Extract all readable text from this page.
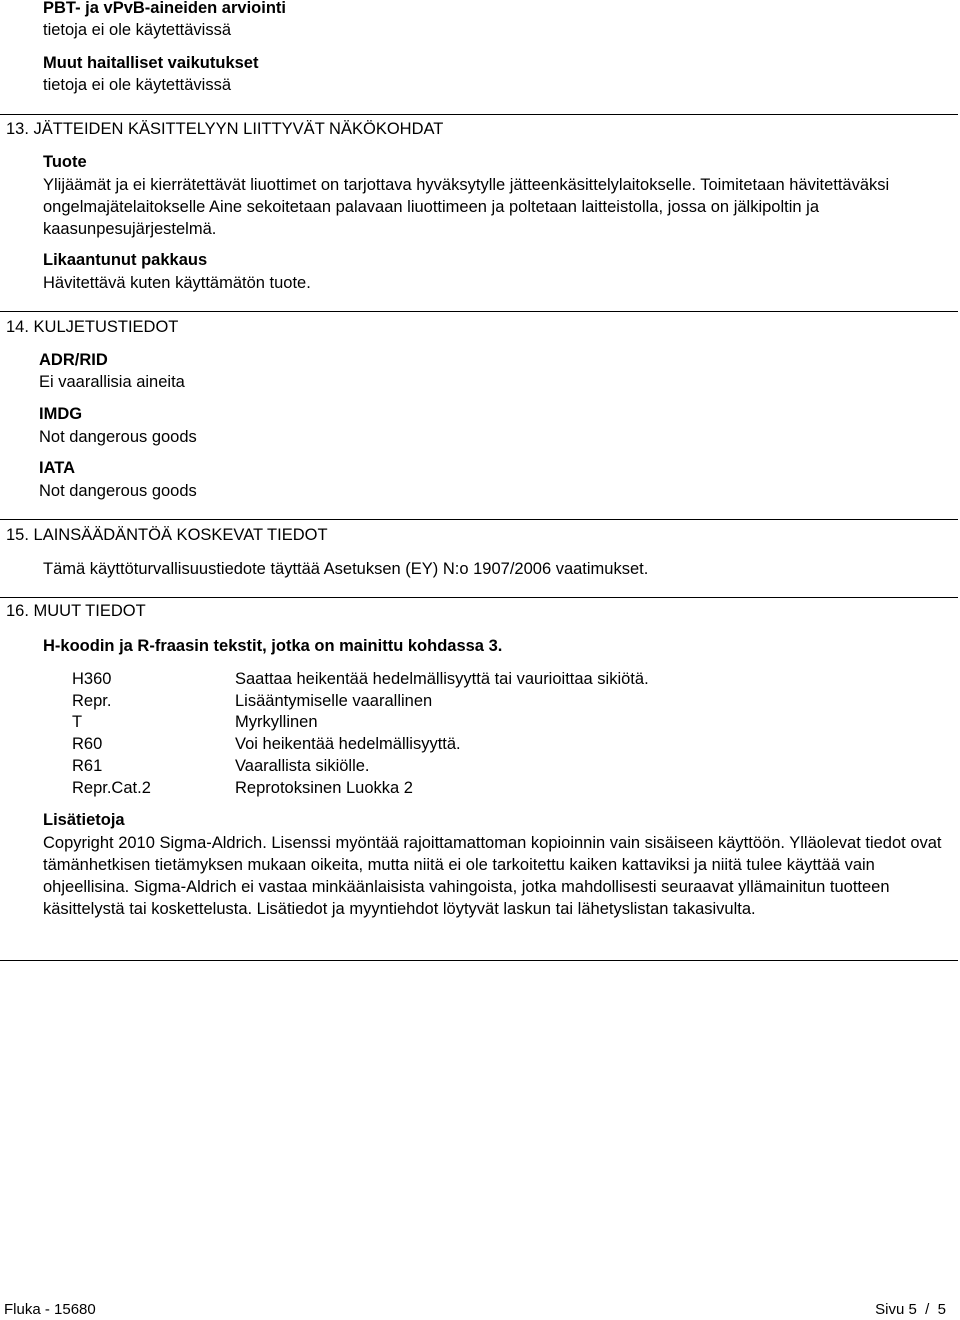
PBT- ja vPvB-aineiden arviointi
tietoja ei ole käytettävissä
Muut haitalliset vaikutukset
tietoja ei ole käytettävissä
13. JÄTTEIDEN KÄSITTELYYN LIITTYVÄT NÄKÖKOHDAT
Tuote
Ylijäämät ja ei kierrätettävät liuottimet on tarjottava hyväksytylle jätteenkäsittelylaitokselle. Toimitetaan hävitettäväksi ongelmajätelaitokselle Aine sekoitetaan palavaan liuottimeen ja poltetaan laitteistolla, jossa on jälkipoltin ja kaasunpesujärjestelmä.
Likaantunut pakkaus
Hävitettävä kuten käyttämätön tuote.
14. KULJETUSTIEDOT
ADR/RID
Ei vaarallisia aineita
IMDG
Not dangerous goods
IATA
Not dangerous goods
15. LAINSÄÄDÄNTÖÄ KOSKEVAT TIEDOT
Tämä käyttöturvallisuustiedote täyttää Asetuksen (EY) N:o 1907/2006 vaatimukset.
16. MUUT TIEDOT
H-koodin ja R-fraasin tekstit, jotka on mainittu kohdassa 3.
H360	Saattaa heikentää hedelmällisyyttä tai vaurioittaa sikiötä.
Repr.	Lisääntymiselle vaarallinen
T	Myrkyllinen
R60	Voi heikentää hedelmällisyyttä.
R61	Vaarallista sikiölle.
Repr.Cat.2	Reprotoksinen Luokka 2
Lisätietoja
Copyright 2010 Sigma-Aldrich. Lisenssi myöntää rajoittamattoman kopioinnin vain sisäiseen käyttöön. Ylläolevat tiedot ovat tämänhetkisen tietämyksen mukaan oikeita, mutta niitä ei ole tarkoitettu kaiken kattaviksi ja niitä tulee käyttää vain ohjeellisina. Sigma-Aldrich ei vastaa minkäänlaisista vahingoista, jotka mahdollisesti seuraavat yllämainitun tuotteen käsittelystä tai koskettelusta. Lisätiedot ja myyntiehdot löytyvät laskun tai lähetyslistan takasivulta.
Fluka - 15680	Sivu 5  /  5
